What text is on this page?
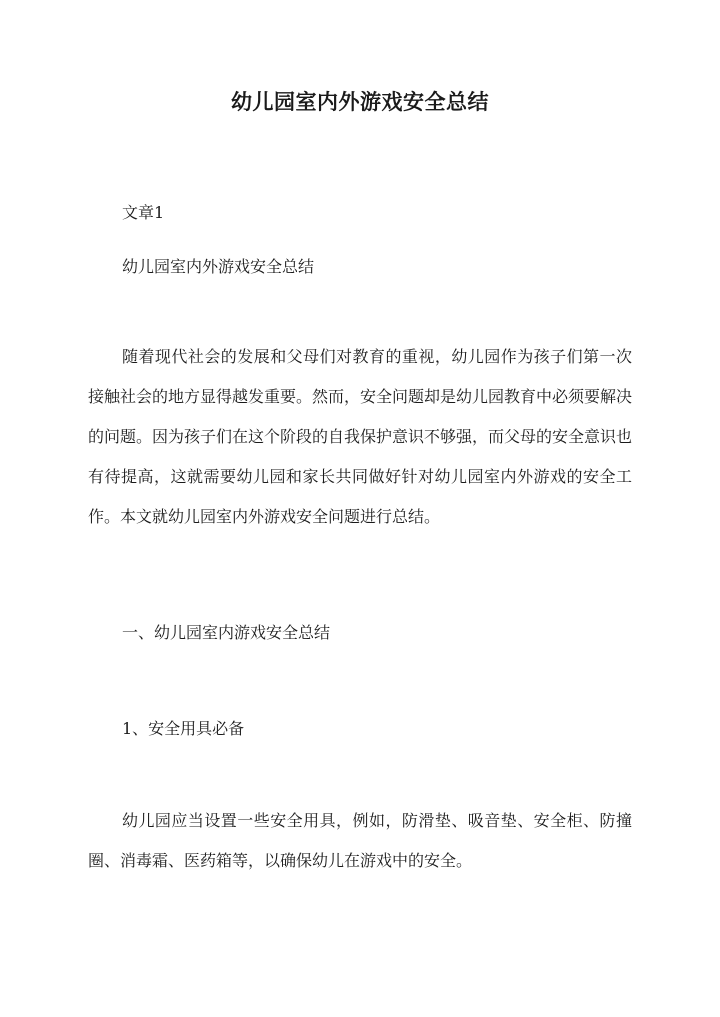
幼儿园室内外游戏安全总结

文章1

幼儿园室内外游戏安全总结

随着现代社会的发展和父母们对教育的重视，幼儿园作为孩子们第一次接触社会的地方显得越发重要。然而，安全问题却是幼儿园教育中必须要解决的问题。因为孩子们在这个阶段的自我保护意识不够强，而父母的安全意识也有待提高，这就需要幼儿园和家长共同做好针对幼儿园室内外游戏的安全工作。本文就幼儿园室内外游戏安全问题进行总结。

一、幼儿园室内游戏安全总结

1、安全用具必备

幼儿园应当设置一些安全用具，例如，防滑垫、吸音垫、安全柜、防撞圈、消毒霜、医药箱等，以确保幼儿在游戏中的安全。
